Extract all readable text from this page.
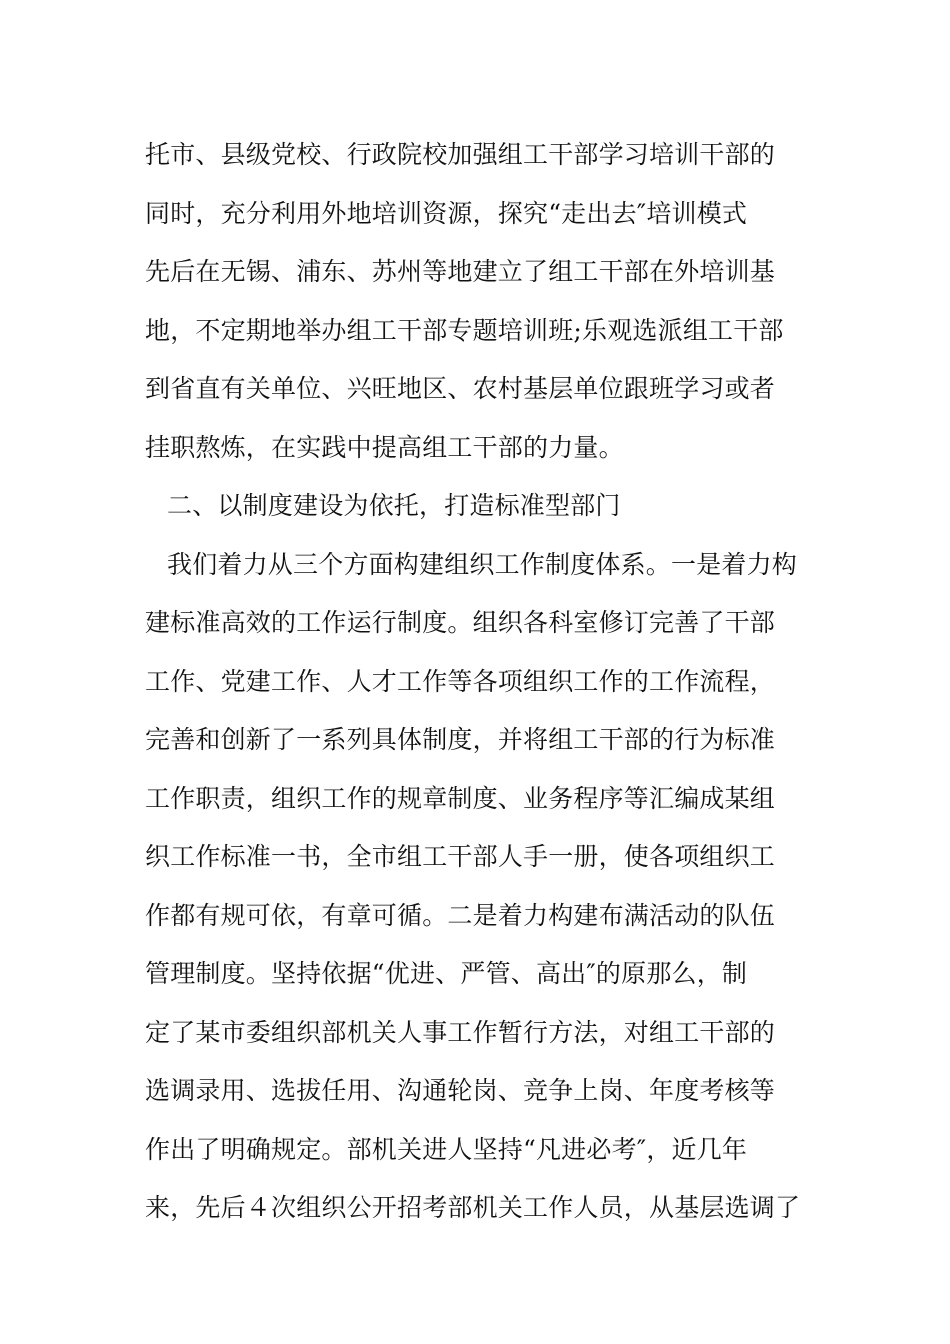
托市、县级党校、行政院校加强组工干部学习培训干部的
同时，充分利用外地培训资源，探究“走出去″培训模式
先后在无锡、浦东、苏州等地建立了组工干部在外培训基
地，不定期地举办组工干部专题培训班;乐观选派组工干部
到省直有关单位、兴旺地区、农村基层单位跟班学习或者
挂职熬炼，在实践中提高组工干部的力量。
二、以制度建设为依托，打造标准型部门
我们着力从三个方面构建组织工作制度体系。一是着力构
建标准高效的工作运行制度。组织各科室修订完善了干部
工作、党建工作、人才工作等各项组织工作的工作流程，
完善和创新了一系列具体制度，并将组工干部的行为标准
工作职责，组织工作的规章制度、业务程序等汇编成某组
织工作标准一书，全市组工干部人手一册，使各项组织工
作都有规可依，有章可循。二是着力构建布满活动的队伍
管理制度。坚持依据“优进、严管、高出″的原那么，制
定了某市委组织部机关人事工作暂行方法，对组工干部的
选调录用、选拔任用、沟通轮岗、竞争上岗、年度考核等
作出了明确规定。部机关进人坚持“凡进必考″，近几年
来，先后４次组织公开招考部机关工作人员，从基层选调了
